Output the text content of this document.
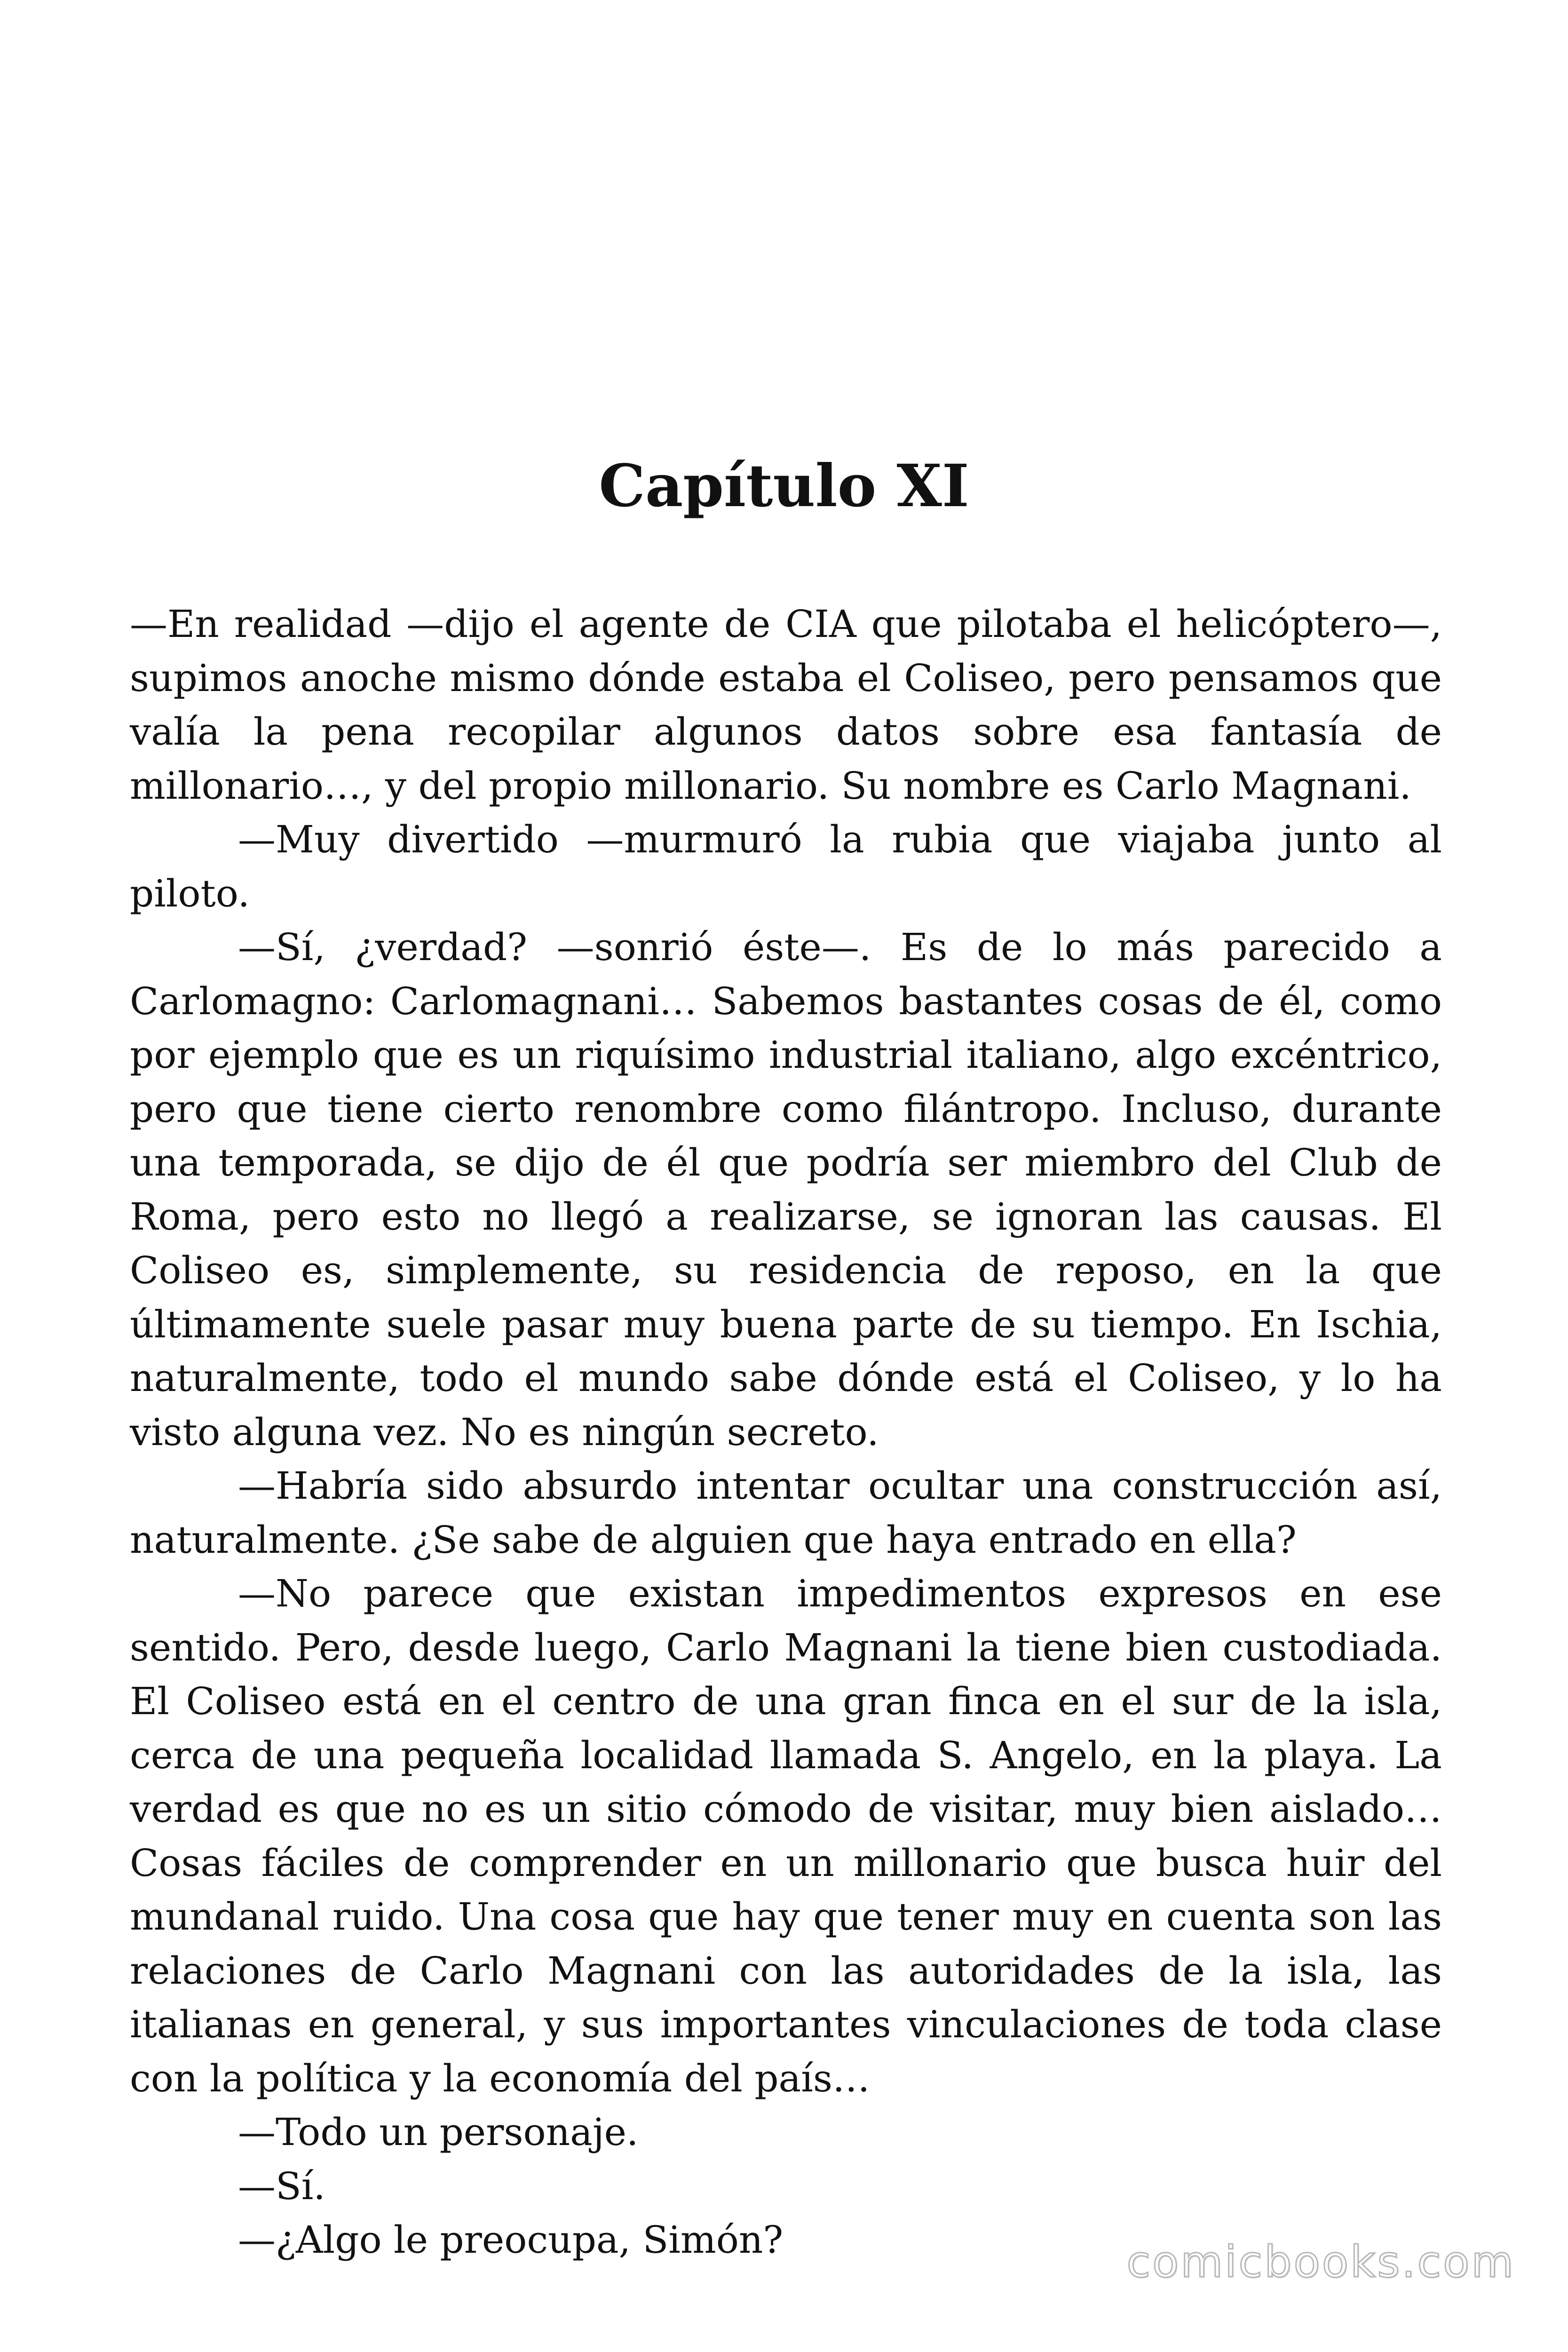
Capítulo XI

—En realidad —dijo el agente de CIA que pilotaba el helicóptero—, supimos anoche mismo dónde estaba el Coliseo, pero pensamos que valía la pena recopilar algunos datos sobre esa fantasía de millonario…, y del propio millonario. Su nombre es Carlo Magnani.

—Muy divertido —murmuró la rubia que viajaba junto al piloto.

—Sí, ¿verdad? —sonrió éste—. Es de lo más parecido a Carlomagno: Carlomagnani… Sabemos bastantes cosas de él, como por ejemplo que es un riquísimo industrial italiano, algo excéntrico, pero que tiene cierto renombre como filántropo. Incluso, durante una temporada, se dijo de él que podría ser miembro del Club de Roma, pero esto no llegó a realizarse, se ignoran las causas. El Coliseo es, simplemente, su residencia de reposo, en la que últimamente suele pasar muy buena parte de su tiempo. En Ischia, naturalmente, todo el mundo sabe dónde está el Coliseo, y lo ha visto alguna vez. No es ningún secreto.

—Habría sido absurdo intentar ocultar una construcción así, naturalmente. ¿Se sabe de alguien que haya entrado en ella?

—No parece que existan impedimentos expresos en ese sentido. Pero, desde luego, Carlo Magnani la tiene bien custodiada. El Coliseo está en el centro de una gran finca en el sur de la isla, cerca de una pequeña localidad llamada S. Angelo, en la playa. La verdad es que no es un sitio cómodo de visitar, muy bien aislado… Cosas fáciles de comprender en un millonario que busca huir del mundanal ruido. Una cosa que hay que tener muy en cuenta son las relaciones de Carlo Magnani con las autoridades de la isla, las italianas en general, y sus importantes vinculaciones de toda clase con la política y la economía del país…

—Todo un personaje.

—Sí.

—¿Algo le preocupa, Simón?	comicbooks.com
